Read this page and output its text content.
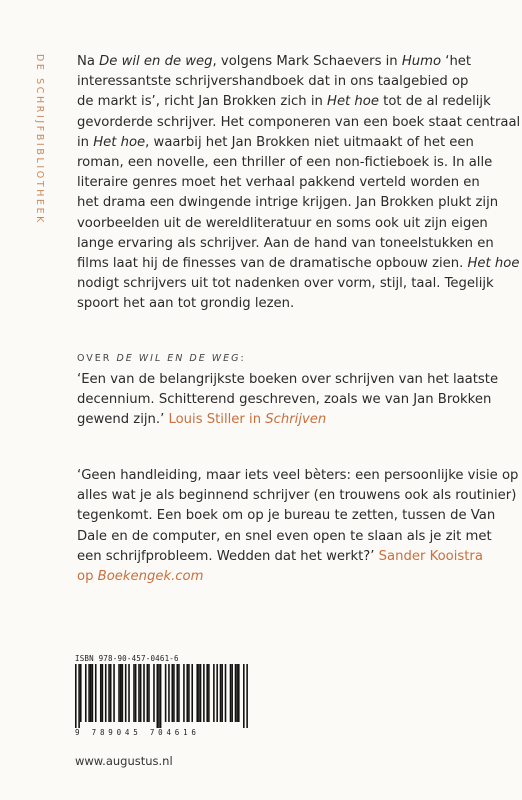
DE SCHRIJFBIBLIOTHEEK Na De wil en de weg, volgens Mark Schaevers in Humo ‘het
interessantste schrijvershandboek dat in ons taalgebied op
de markt is’, richt Jan Brokken zich in Het hoe tot de al redelijk
gevorderde schrijver. Het componeren van een boek staat centraal
in Het hoe, waarbij het Jan Brokken niet uitmaakt of het een
roman, een novelle, een thriller of een non-fictieboek is. In alle
literaire genres moet het verhaal pakkend verteld worden en
het drama een dwingende intrige krijgen. Jan Brokken plukt zijn
voorbeelden uit de wereldliteratuur en soms ook uit zijn eigen
lange ervaring als schrijver. Aan de hand van toneelstukken en
films laat hij de finesses van de dramatische opbouw zien. Het hoe
nodigt schrijvers uit tot nadenken over vorm, stijl, taal. Tegelijk
spoort het aan tot grondig lezen.

OVER DE WIL EN DE WEG:

‘Een van de belangrijkste boeken over schrijven van het laatste
decennium. Schitterend geschreven, zoals we van Jan Brokken
gewend zijn.’ Louis Stiller in Schrijven

‘Geen handleiding, maar iets veel bèters: een persoonlijke visie op
alles wat je als beginnend schrijver (en trouwens ook als routinier)
tegenkomt. Een boek om op je bureau te zetten, tussen de Van
Dale en de computer, en snel even open te slaan als je zit met
een schrijfprobleem. Wedden dat het werkt?’ Sander Kooistra
op Boekengek.com

ISBN 978-90-457-0461-6
9 789045 704616
www.augustus.nl
